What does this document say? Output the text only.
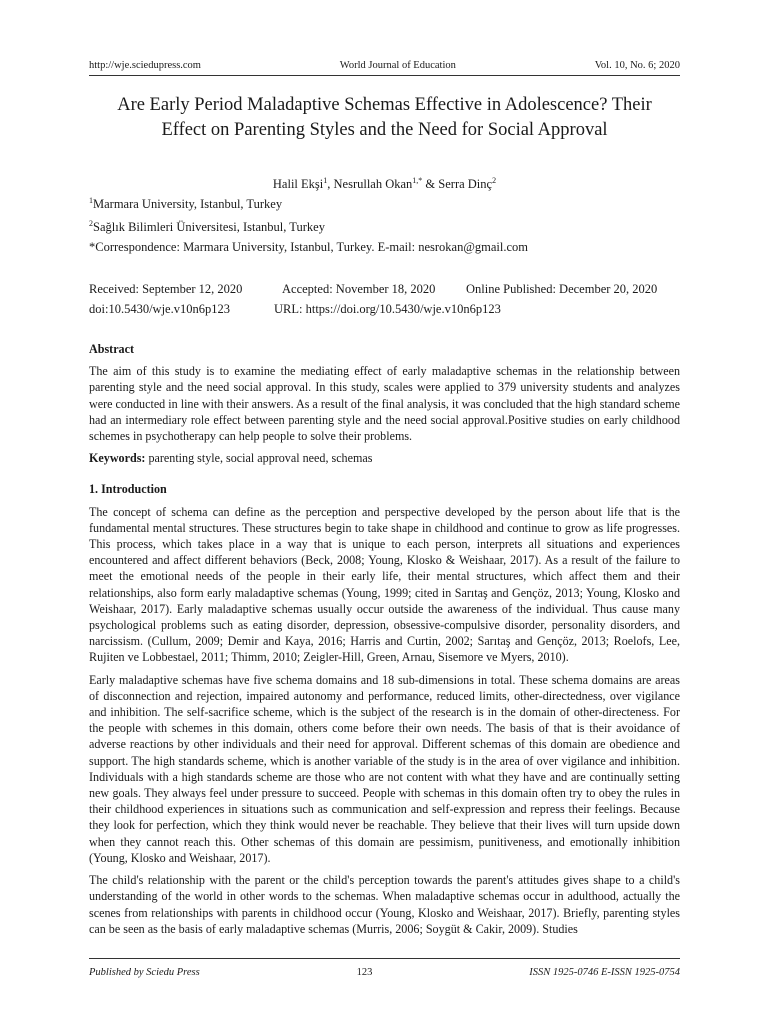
http://wje.sciedupress.com	World Journal of Education	Vol. 10, No. 6; 2020
Are Early Period Maladaptive Schemas Effective in Adolescence? Their
Effect on Parenting Styles and the Need for Social Approval
Halil Ekşi$^1$, Nesrullah Okan$^{1,*}$ & Serra Dinç$^2$
$^1$Marmara University, Istanbul, Turkey
$^2$Sağlık Bilimleri Üniversitesi, Istanbul, Turkey
*Correspondence: Marmara University, Istanbul, Turkey. E-mail: nesrokan@gmail.com
Received: September 12, 2020	Accepted: November 18, 2020 Online Published: December 20, 2020
doi:10.5430/wje.v10n6p123	URL: https://doi.org/10.5430/wje.v10n6p123
Abstract

The aim of this study is to examine the mediating effect of early maladaptive schemas in the relationship between parenting style and the need social approval. In this study, scales were applied to 379 university students and analyzes were conducted in line with their answers. As a result of the final analysis, it was concluded that the high standard scheme had an intermediary role effect between parenting style and the need social approval.Positive studies on early childhood schemes in psychotherapy can help people to solve their problems.

Keywords: parenting style, social approval need, schemas

1. Introduction

The concept of schema can define as the perception and perspective developed by the person about life that is the fundamental mental structures. These structures begin to take shape in childhood and continue to grow as life progresses. This process, which takes place in a way that is unique to each person, interprets all situations and experiences encountered and affect different behaviors (Beck, 2008; Young, Klosko & Weishaar, 2017). As a result of the failure to meet the emotional needs of the people in their early life, their mental structures, which affect them and their relationships, also form early maladaptive schemas (Young, 1999; cited in Sarıtaş and Gençöz, 2013; Young, Klosko and Weishaar, 2017). Early maladaptive schemas usually occur outside the awareness of the individual. Thus cause many psychological problems such as eating disorder, depression, obsessive-compulsive disorder, personality disorders, and narcissism. (Cullum, 2009; Demir and Kaya, 2016; Harris and Curtin, 2002; Sarıtaş and Gençöz, 2013; Roelofs, Lee, Rujiten ve Lobbestael, 2011; Thimm, 2010; Zeigler-Hill, Green, Arnau, Sisemore ve Myers, 2010).

Early maladaptive schemas have five schema domains and 18 sub-dimensions in total. These schema domains are areas of disconnection and rejection, impaired autonomy and performance, reduced limits, other-directedness, over vigilance and inhibition. The self-sacrifice scheme, which is the subject of the research is in the domain of other-directeness. For the people with schemes in this domain, others come before their own needs. The basis of that is their avoidance of adverse reactions by other individuals and their need for approval. Different schemas of this domain are obedience and support. The high standards scheme, which is another variable of the study is in the area of over vigilance and inhibition. Individuals with a high standards scheme are those who are not content with what they have and are continually setting new goals. They always feel under pressure to succeed. People with schemas in this domain often try to obey the rules in their childhood experiences in situations such as communication and self-expression and repress their feelings. Because they look for perfection, which they think would never be reachable. They believe that their lives will turn upside down when they cannot reach this. Other schemas of this domain are pessimism, punitiveness, and emotionally inhibition (Young, Klosko and Weishaar, 2017).

The child's relationship with the parent or the child's perception towards the parent's attitudes gives shape to a child's understanding of the world in other words to the schemas. When maladaptive schemas occur in adulthood, actually the scenes from relationships with parents in childhood occur (Young, Klosko and Weishaar, 2017). Briefly, parenting styles can be seen as the basis of early maladaptive schemas (Murris, 2006; Soygüt & Cakir, 2009). Studies

Published by Sciedu Press	123	ISSN 1925-0746 E-ISSN 1925-0754
